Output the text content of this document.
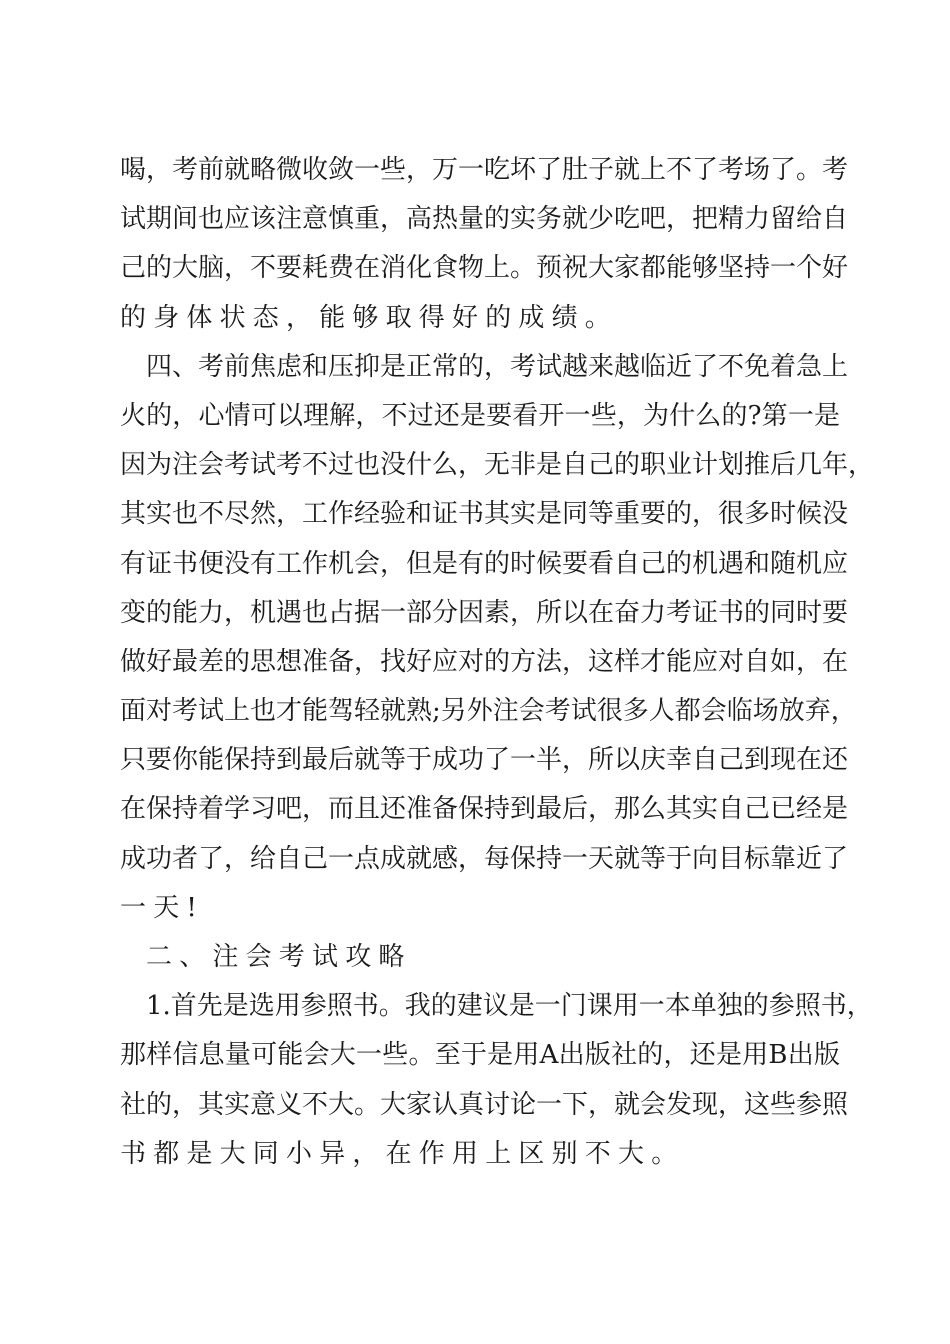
喝，考前就略微收敛一些，万一吃坏了肚子就上不了考场了。考
试期间也应该注意慎重，高热量的实务就少吃吧，把精力留给自
己的大脑，不要耗费在消化食物上。预祝大家都能够坚持一个好
的身体状态，能够取得好的成绩。
四、考前焦虑和压抑是正常的，考试越来越临近了不免着急上
火的，心情可以理解，不过还是要看开一些，为什么的?第一是
因为注会考试考不过也没什么，无非是自己的职业计划推后几年，
其实也不尽然，工作经验和证书其实是同等重要的，很多时候没
有证书便没有工作机会，但是有的时候要看自己的机遇和随机应
变的能力，机遇也占据一部分因素，所以在奋力考证书的同时要
做好最差的思想准备，找好应对的方法，这样才能应对自如，在
面对考试上也才能驾轻就熟;另外注会考试很多人都会临场放弃，
只要你能保持到最后就等于成功了一半，所以庆幸自己到现在还
在保持着学习吧，而且还准备保持到最后，那么其实自己已经是
成功者了，给自己一点成就感，每保持一天就等于向目标靠近了
一天!
二、注会考试攻略
1.首先是选用参照书。我的建议是一门课用一本单独的参照书，
那样信息量可能会大一些。至于是用A出版社的，还是用B出版
社的，其实意义不大。大家认真讨论一下，就会发现，这些参照
书都是大同小异，在作用上区别不大。
